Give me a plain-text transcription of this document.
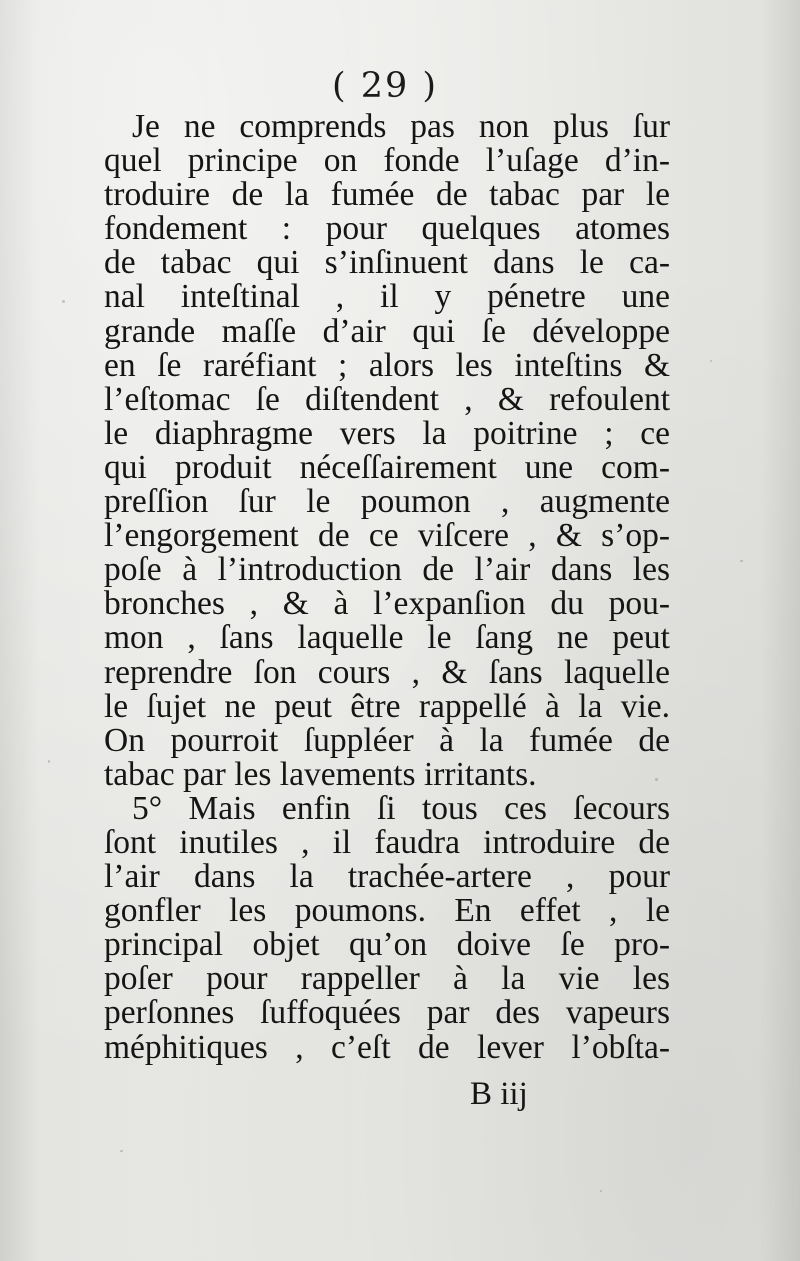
( 29 )
Je ne comprends pas non plus ſur
quel principe on fonde l’uſage d’in-
troduire de la fumée de tabac par le
fondement : pour quelques atomes
de tabac qui s’inſinuent dans le ca-
nal inteſtinal , il y pénetre une
grande maſſe d’air qui ſe développe
en ſe raréfiant ; alors les inteſtins &
l’eſtomac ſe diſtendent , & refoulent
le diaphragme vers la poitrine ; ce
qui produit néceſſairement une com-
preſſion ſur le poumon , augmente
l’engorgement de ce viſcere , & s’op-
poſe à l’introduction de l’air dans les
bronches , & à l’expanſion du pou-
mon , ſans laquelle le ſang ne peut
reprendre ſon cours , & ſans laquelle
le ſujet ne peut être rappellé à la vie.
On pourroit ſuppléer à la fumée de
tabac par les lavements irritants.
5° Mais enfin ſi tous ces ſecours
ſont inutiles , il faudra introduire de
l’air dans la trachée-artere , pour
gonfler les poumons. En effet , le
principal objet qu’on doive ſe pro-
poſer pour rappeller à la vie les
perſonnes ſuffoquées par des vapeurs
méphitiques , c’eſt de lever l’obſta-
B iij
